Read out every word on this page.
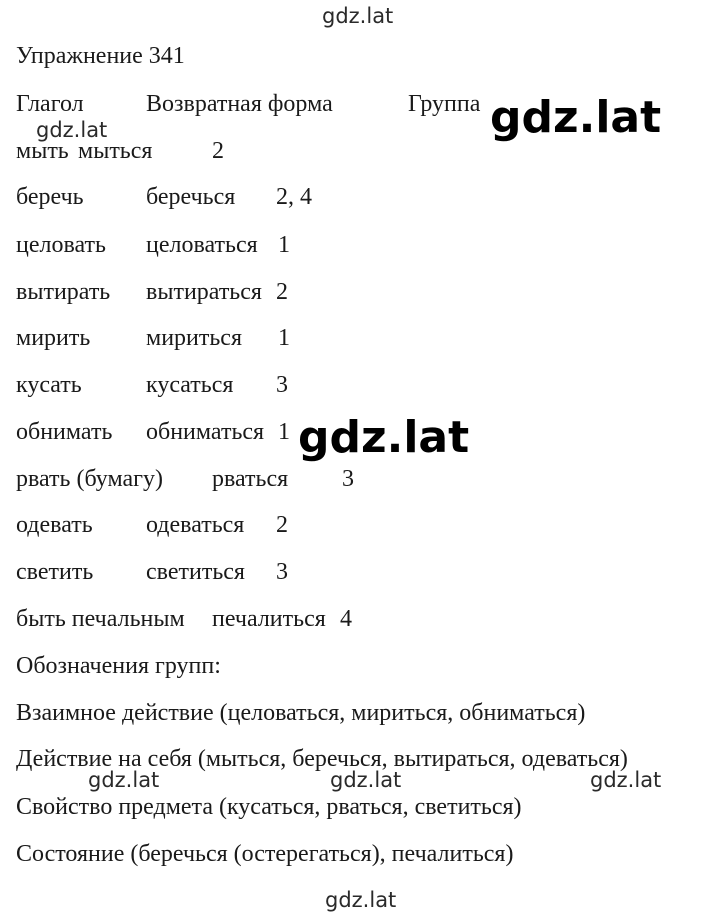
gdz.lat
gdz.lat
gdz.lat
gdz.lat
gdz.lat	gdz.lat	gdz.lat
gdz.lat
Упражнение 341
Глагол	Возвратная форма	Группа
мыть мыться 2
беречь	беречься 2, 4
целовать целоваться 1
вытирать вытираться 2
мирить мириться 1
кусать	кусаться 3
обнимать обниматься 1
рвать (бумагу) рваться 3
одевать одеваться 2
светить светиться 3
быть печальным печалиться 4
Обозначения групп:
Взаимное действие (целоваться, мириться, обниматься)
Действие на себя (мыться, беречься, вытираться, одеваться)
Свойство предмета (кусаться, рваться, светиться)
Состояние (беречься (остерегаться), печалиться)
